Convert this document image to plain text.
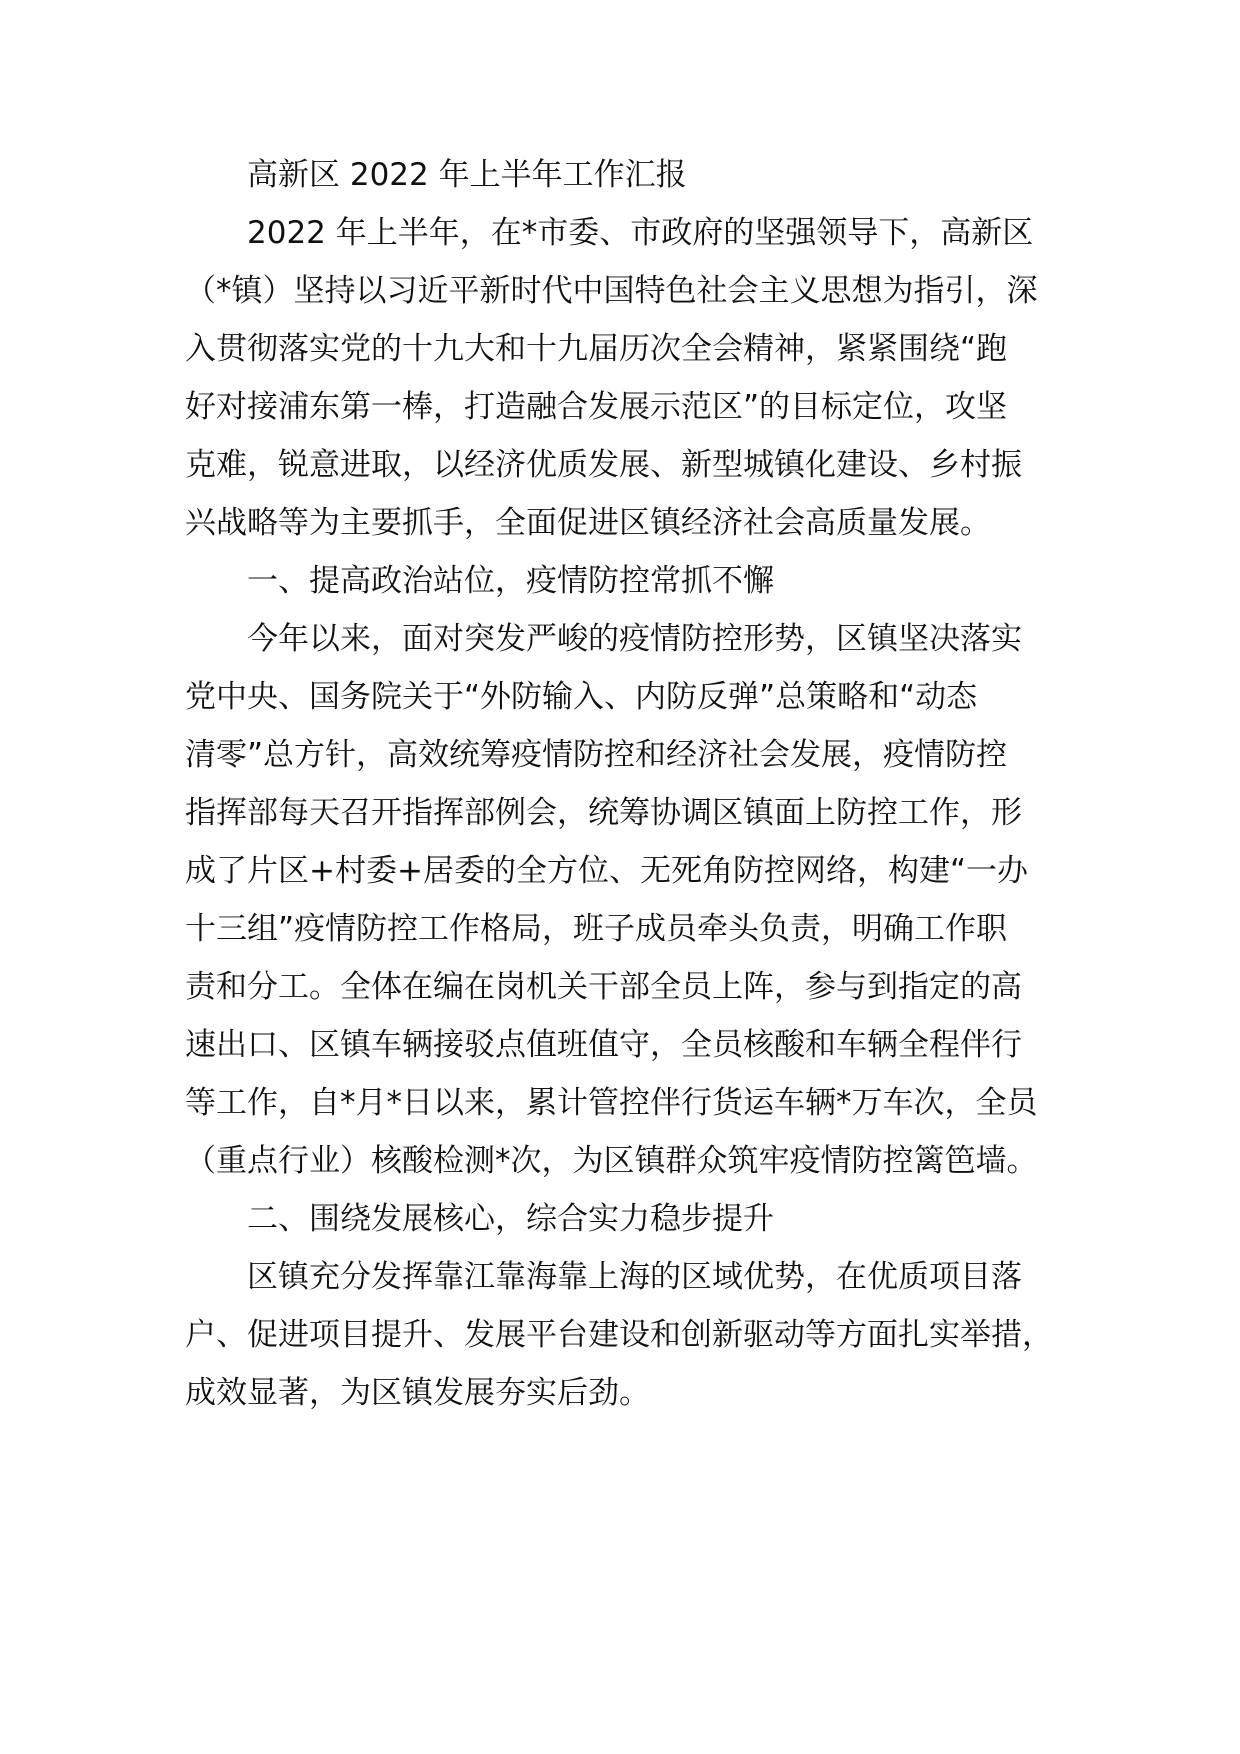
高新区 2022 年上半年工作汇报
2022 年上半年，在*市委、市政府的坚强领导下，高新区
（*镇）坚持以习近平新时代中国特色社会主义思想为指引，深
入贯彻落实党的十九大和十九届历次全会精神，紧紧围绕“跑
好对接浦东第一棒，打造融合发展示范区”的目标定位，攻坚
克难，锐意进取，以经济优质发展、新型城镇化建设、乡村振
兴战略等为主要抓手，全面促进区镇经济社会高质量发展。
一、提高政治站位，疫情防控常抓不懈
今年以来，面对突发严峻的疫情防控形势，区镇坚决落实
党中央、国务院关于“外防输入、内防反弹”总策略和“动态
清零”总方针，高效统筹疫情防控和经济社会发展，疫情防控
指挥部每天召开指挥部例会，统筹协调区镇面上防控工作，形
成了片区+村委+居委的全方位、无死角防控网络，构建“一办
十三组”疫情防控工作格局，班子成员牵头负责，明确工作职
责和分工。全体在编在岗机关干部全员上阵，参与到指定的高
速出口、区镇车辆接驳点值班值守，全员核酸和车辆全程伴行
等工作，自*月*日以来，累计管控伴行货运车辆*万车次，全员
（重点行业）核酸检测*次，为区镇群众筑牢疫情防控篱笆墙。
二、围绕发展核心，综合实力稳步提升
区镇充分发挥靠江靠海靠上海的区域优势，在优质项目落
户、促进项目提升、发展平台建设和创新驱动等方面扎实举措，
成效显著，为区镇发展夯实后劲。
